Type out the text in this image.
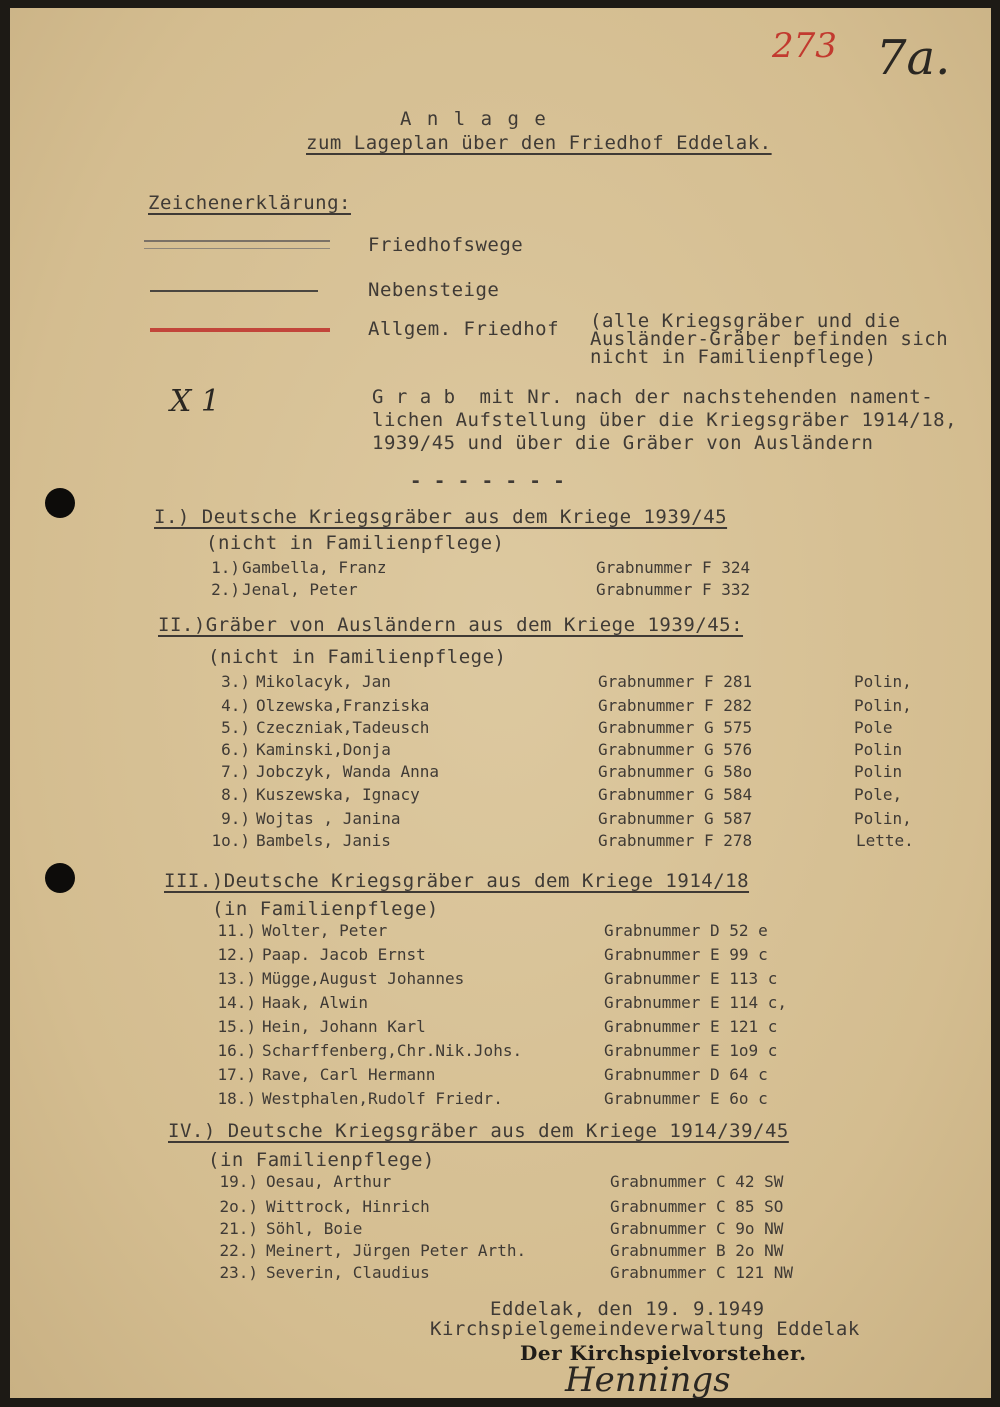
273 7a.
A n l a g e
zum Lageplan über den Friedhof Eddelak.
Zeichenerklärung:
Friedhofswege
Nebensteige
Allgem. Friedhof (alle Kriegsgräber und die
Ausländer-Gräber befinden sich
nicht in Familienpflege)
X 1	G r a b  mit Nr. nach der nachstehenden nament-
lichen Aufstellung über die Kriegsgräber 1914/18,
1939/45 und über die Gräber von Ausländern
- - - - - - -
I.) Deutsche Kriegsgräber aus dem Kriege 1939/45
(nicht in Familienpflege)
1.) Gambella, Franz	Grabnummer F 324
2.) Jenal, Peter	Grabnummer F 332
II.)Gräber von Ausländern aus dem Kriege 1939/45:
(nicht in Familienpflege)
3.) Mikolacyk, Jan	Grabnummer F 281	Polin,
4.) Olzewska,Franziska	Grabnummer F 282	Polin,
5.) Czeczniak,Tadeusch	Grabnummer G 575	Pole
6.) Kaminski,Donja	Grabnummer G 576	Polin
7.) Jobczyk, Wanda Anna	Grabnummer G 58o	Polin
8.) Kuszewska, Ignacy	Grabnummer G 584	Pole,
9.) Wojtas , Janina	Grabnummer G 587	Polin,
1o.) Bambels, Janis	Grabnummer F 278	Lette.
III.)Deutsche Kriegsgräber aus dem Kriege 1914/18
(in Familienpflege)
11.) Wolter, Peter	Grabnummer D 52 e
12.) Paap. Jacob Ernst	Grabnummer E 99 c
13.) Mügge,August Johannes	Grabnummer E 113 c
14.) Haak, Alwin	Grabnummer E 114 c,
15.) Hein, Johann Karl	Grabnummer E 121 c
16.) Scharffenberg,Chr.Nik.Johs.	Grabnummer E 1o9 c
17.) Rave, Carl Hermann	Grabnummer D 64 c
18.) Westphalen,Rudolf Friedr.	Grabnummer E 6o c
IV.) Deutsche Kriegsgräber aus dem Kriege 1914/39/45
(in Familienpflege)
19.) Oesau, Arthur	Grabnummer C 42 SW
2o.) Wittrock, Hinrich	Grabnummer C 85 SO
21.) Söhl, Boie	Grabnummer C 9o NW
22.) Meinert, Jürgen Peter Arth.	Grabnummer B 2o NW
23.) Severin, Claudius	Grabnummer C 121 NW
Eddelak, den 19. 9.1949
Kirchspielgemeindeverwaltung Eddelak
Der Kirchspielvorsteher.
Hennings
